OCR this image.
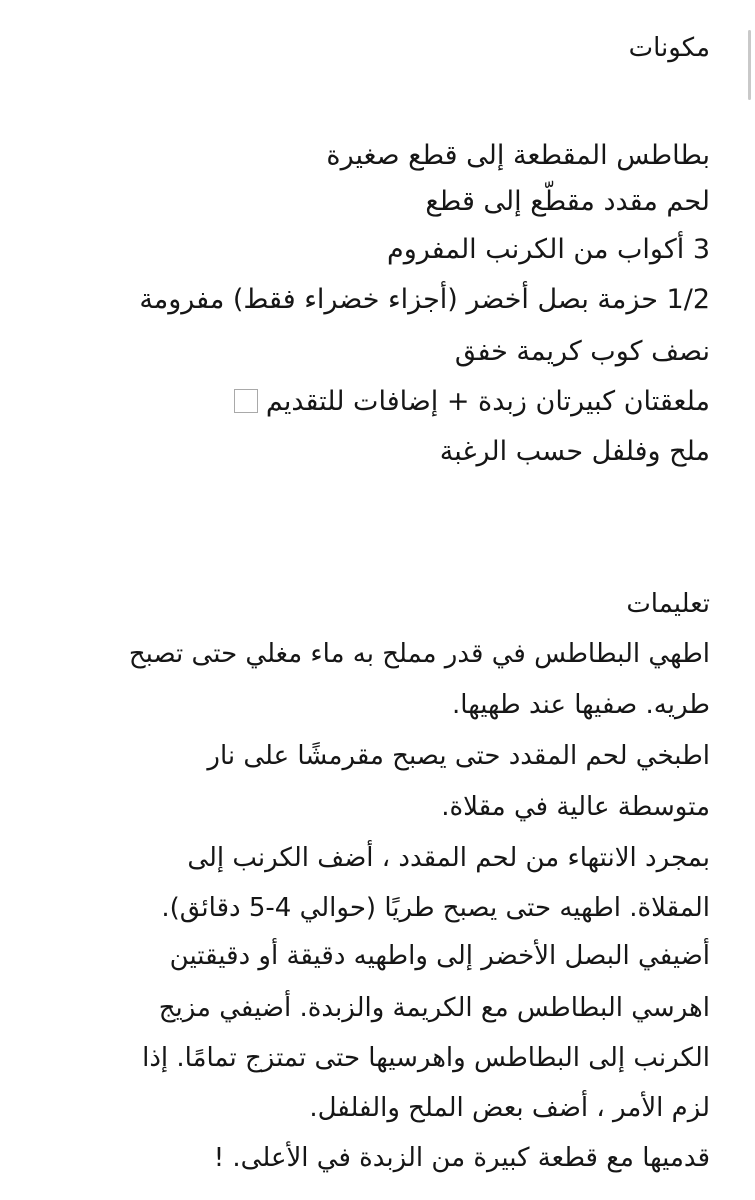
مكونات
بطاطس المقطعة إلى قطع صغيرة
لحم مقدد مقطّع إلى قطع
3 أكواب من الكرنب المفروم
1/2 حزمة بصل أخضر (أجزاء خضراء فقط) مفرومة
نصف كوب كريمة خفق
ملعقتان كبيرتان زبدة + إضافات للتقديم
ملح وفلفل حسب الرغبة
تعليمات
اطهي البطاطس في قدر مملح به ماء مغلي حتى تصبح
طريه. صفيها عند طهيها.
اطبخي لحم المقدد حتى يصبح مقرمشًا على نار
متوسطة عالية في مقلاة.
بمجرد الانتهاء من لحم المقدد ، أضف الكرنب إلى
المقلاة. اطهيه حتى يصبح طريًا (حوالي 4-5 دقائق).
أضيفي البصل الأخضر إلى واطهيه دقيقة أو دقيقتين
اهرسي البطاطس مع الكريمة والزبدة. أضيفي مزيج
الكرنب إلى البطاطس واهرسيها حتى تمتزج تمامًا. إذا
لزم الأمر ، أضف بعض الملح والفلفل.
قدميها مع قطعة كبيرة من الزبدة في الأعلى. !
